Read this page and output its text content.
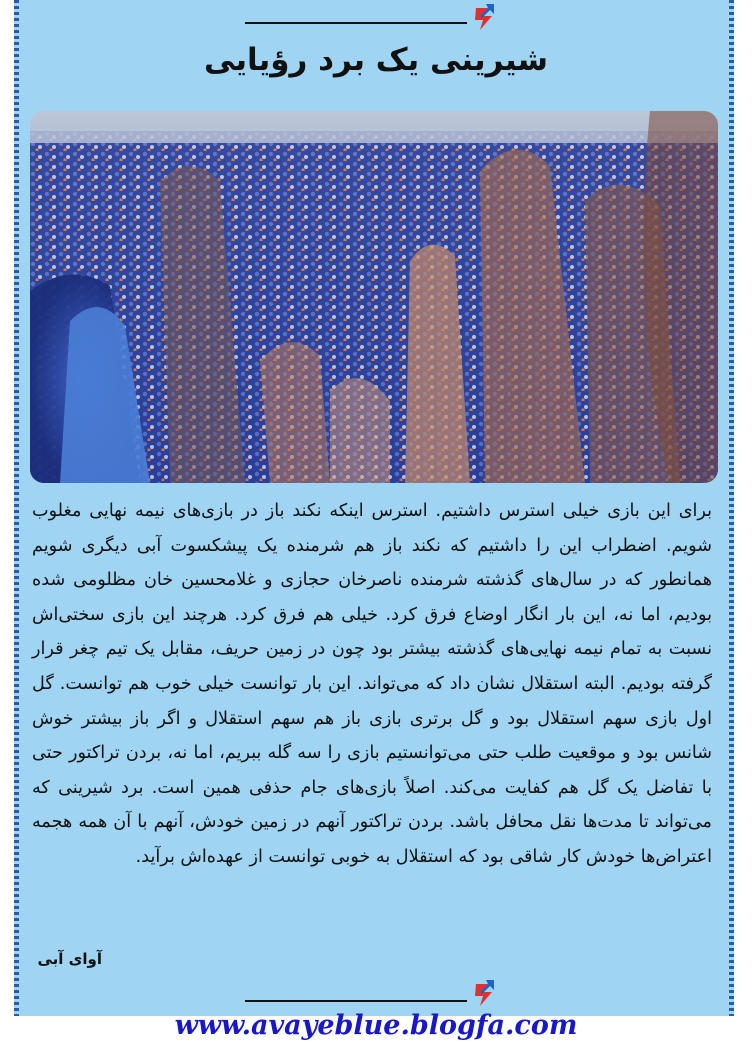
شیرینی یک برد رؤیایی
برای این بازی خیلی استرس داشتیم. استرس اینکه نکند باز در بازی‌های نیمه نهایی مغلوب شویم. اضطراب این را داشتیم که نکند باز هم شرمنده یک پیشکسوت آبی دیگری شویم همانطور که در سال‌های گذشته شرمنده ناصرخان حجازی و غلامحسین خان مظلومی شده بودیم، اما نه، این بار انگار اوضاع فرق کرد. خیلی هم فرق کرد. هرچند این بازی سختی‌اش نسبت به تمام نیمه نهایی‌های گذشته بیشتر بود چون در زمین حریف، مقابل یک تیم چغر قرار گرفته بودیم. البته استقلال نشان داد که می‌تواند. این بار توانست خیلی خوب هم توانست. گل اول بازی سهم استقلال بود و گل برتری بازی باز هم سهم استقلال و اگر باز بیشتر خوش شانس بود و موقعیت طلب حتی می‌توانستیم بازی را سه گله ببریم، اما نه، بردن تراکتور حتی با تفاضل یک گل هم کفایت می‌کند. اصلاً بازی‌های جام حذفی همین است. برد شیرینی که می‌تواند تا مدت‌ها نقل محافل باشد. بردن تراکتور آنهم در زمین خودش، آنهم با آن همه هجمه اعتراض‌ها خودش کار شاقی بود که استقلال به خوبی توانست از عهده‌اش برآید.
آوای آبی
www.avayeblue.blogfa.com
